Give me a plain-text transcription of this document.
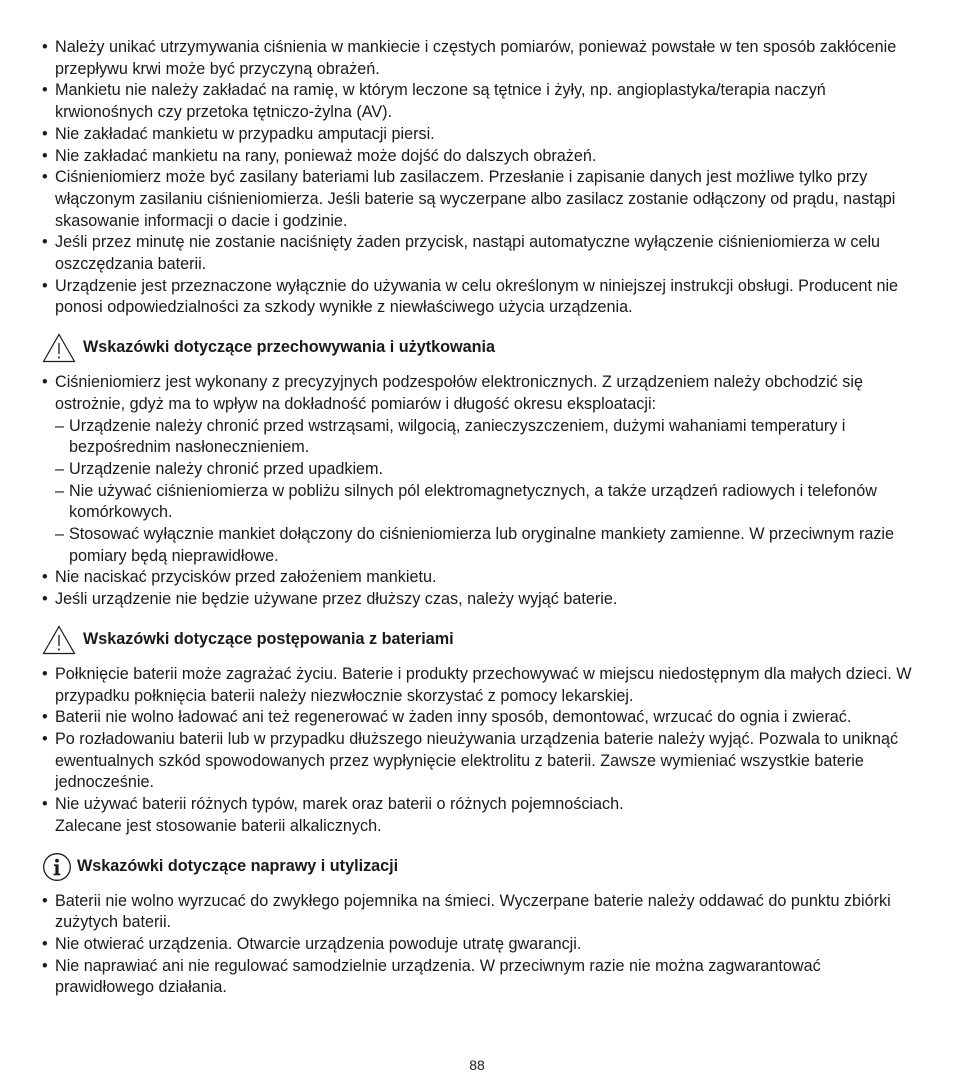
• Należy unikać utrzymywania ciśnienia w mankiecie i częstych pomiarów, ponieważ powstałe w ten sposób zakłócenie przepływu krwi może być przyczyną obrażeń.
• Mankietu nie należy zakładać na ramię, w którym leczone są tętnice i żyły, np. angioplastyka/terapia naczyń krwionośnych czy przetoka tętniczo-żylna (AV).
• Nie zakładać mankietu w przypadku amputacji piersi.
• Nie zakładać mankietu na rany, ponieważ może dojść do dalszych obrażeń.
• Ciśnieniomierz może być zasilany bateriami lub zasilaczem. Przesłanie i zapisanie danych jest możliwe tylko przy włączonym zasilaniu ciśnieniomierza. Jeśli baterie są wyczerpane albo zasilacz zostanie odłączony od prądu, nastąpi skasowanie informacji o dacie i godzinie.
• Jeśli przez minutę nie zostanie naciśnięty żaden przycisk, nastąpi automatyczne wyłączenie ciśnieniomierza w celu oszczędzania baterii.
• Urządzenie jest przeznaczone wyłącznie do używania w celu określonym w niniejszej instrukcji obsługi. Producent nie ponosi odpowiedzialności za szkody wynikłe z niewłaściwego użycia urządzenia.
Wskazówki dotyczące przechowywania i użytkowania
• Ciśnieniomierz jest wykonany z precyzyjnych podzespołów elektronicznych. Z urządzeniem należy obchodzić się ostrożnie, gdyż ma to wpływ na dokładność pomiarów i długość okresu eksploatacji:
– Urządzenie należy chronić przed wstrząsami, wilgocią, zanieczyszczeniem, dużymi wahaniami temperatury i bezpośrednim nasłonecznieniem.
– Urządzenie należy chronić przed upadkiem.
– Nie używać ciśnieniomierza w pobliżu silnych pól elektromagnetycznych, a także urządzeń radiowych i telefonów komórkowych.
– Stosować wyłącznie mankiet dołączony do ciśnieniomierza lub oryginalne mankiety zamienne. W przeciwnym razie pomiary będą nieprawidłowe.
• Nie naciskać przycisków przed założeniem mankietu.
• Jeśli urządzenie nie będzie używane przez dłuższy czas, należy wyjąć baterie.
Wskazówki dotyczące postępowania z bateriami
• Połknięcie baterii może zagrażać życiu. Baterie i produkty przechowywać w miejscu niedostępnym dla małych dzieci. W przypadku połknięcia baterii należy niezwłocznie skorzystać z pomocy lekarskiej.
• Baterii nie wolno ładować ani też regenerować w żaden inny sposób, demontować, wrzucać do ognia i zwierać.
• Po rozładowaniu baterii lub w przypadku dłuższego nieużywania urządzenia baterie należy wyjąć. Pozwala to uniknąć ewentualnych szkód spowodowanych przez wypłynięcie elektrolitu z baterii. Zawsze wymieniać wszystkie baterie jednocześnie.
• Nie używać baterii różnych typów, marek oraz baterii o różnych pojemnościach.
Zalecane jest stosowanie baterii alkalicznych.
Wskazówki dotyczące naprawy i utylizacji
• Baterii nie wolno wyrzucać do zwykłego pojemnika na śmieci. Wyczerpane baterie należy oddawać do punktu zbiórki zużytych baterii.
• Nie otwierać urządzenia. Otwarcie urządzenia powoduje utratę gwarancji.
• Nie naprawiać ani nie regulować samodzielnie urządzenia. W przeciwnym razie nie można zagwarantować prawidłowego działania.
88
